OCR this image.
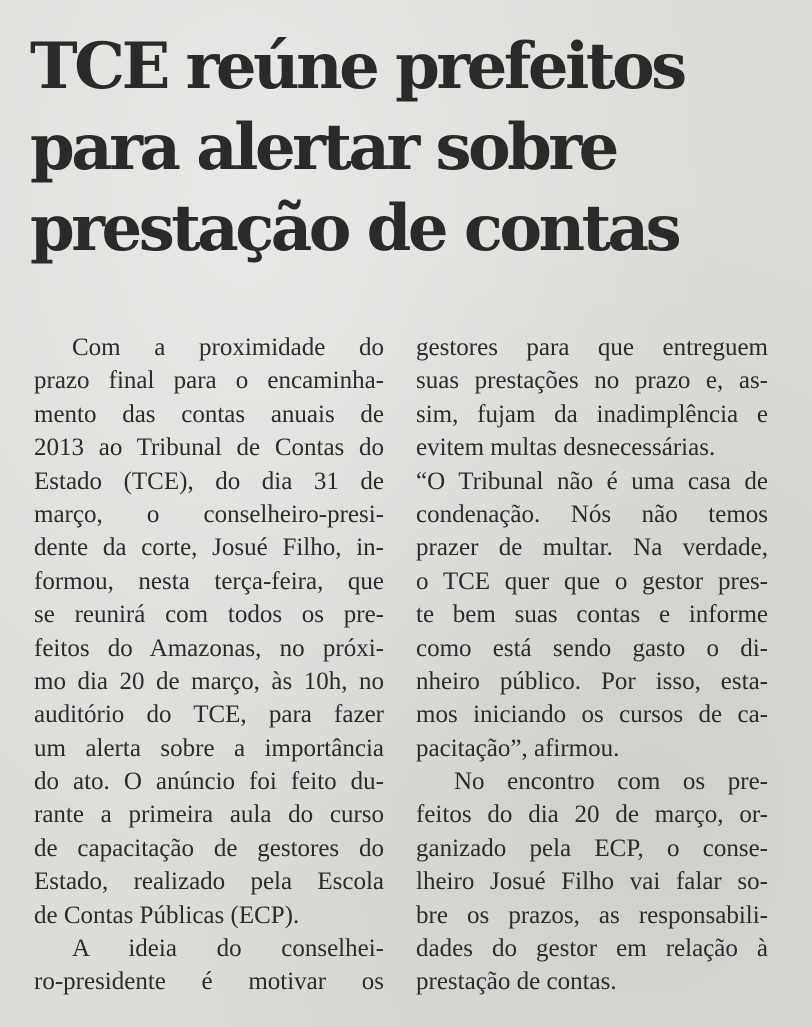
TCE reúne prefeitos
para alertar sobre
prestação de contas
Com a proximidade do
prazo final para o encaminha-
mento das contas anuais de
2013 ao Tribunal de Contas do
Estado (TCE), do dia 31 de
março, o conselheiro-presi-
dente da corte, Josué Filho, in-
formou, nesta terça-feira, que
se reunirá com todos os pre-
feitos do Amazonas, no próxi-
mo dia 20 de março, às 10h, no
auditório do TCE, para fazer
um alerta sobre a importância
do ato. O anúncio foi feito du-
rante a primeira aula do curso
de capacitação de gestores do
Estado, realizado pela Escola
de Contas Públicas (ECP).
A ideia do conselhei-
ro-presidente é motivar os
gestores para que entreguem
suas prestações no prazo e, as-
sim, fujam da inadimplência e
evitem multas desnecessárias.
“O Tribunal não é uma casa de
condenação. Nós não temos
prazer de multar. Na verdade,
o TCE quer que o gestor pres-
te bem suas contas e informe
como está sendo gasto o di-
nheiro público. Por isso, esta-
mos iniciando os cursos de ca-
pacitação”, afirmou.
No encontro com os pre-
feitos do dia 20 de março, or-
ganizado pela ECP, o conse-
lheiro Josué Filho vai falar so-
bre os prazos, as responsabili-
dades do gestor em relação à
prestação de contas.
